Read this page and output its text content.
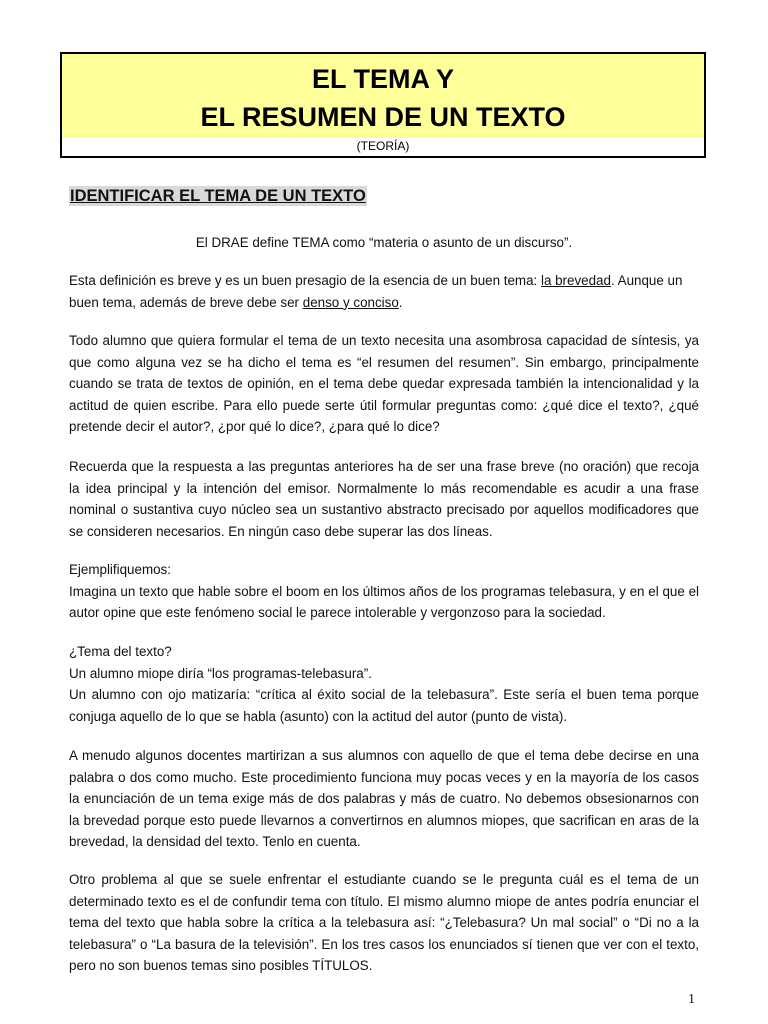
EL TEMA Y
EL RESUMEN DE UN TEXTO
(TEORÍA)
IDENTIFICAR EL TEMA DE UN TEXTO

El DRAE define TEMA como “materia o asunto de un discurso”.

Esta definición es breve y es un buen presagio de la esencia de un buen tema: la brevedad. Aunque un buen tema, además de breve debe ser denso y conciso.

Todo alumno que quiera formular el tema de un texto necesita una asombrosa capacidad de síntesis, ya que como alguna vez se ha dicho el tema es “el resumen del resumen”. Sin embargo, principalmente cuando se trata de textos de opinión, en el tema debe quedar expresada también la intencionalidad y la actitud de quien escribe. Para ello puede serte útil formular preguntas como: ¿qué dice el texto?, ¿qué pretende decir el autor?, ¿por qué lo dice?, ¿para qué lo dice?

Recuerda que la respuesta a las preguntas anteriores ha de ser una frase breve (no oración) que recoja la idea principal y la intención del emisor. Normalmente lo más recomendable es acudir a una frase nominal o sustantiva cuyo núcleo sea un sustantivo abstracto precisado por aquellos modificadores que se consideren necesarios. En ningún caso debe superar las dos líneas.

Ejemplifiquemos:
Imagina un texto que hable sobre el boom en los últimos años de los programas telebasura, y en el que el autor opine que este fenómeno social le parece intolerable y vergonzoso para la sociedad.

¿Tema del texto?
Un alumno miope diría “los programas-telebasura”.
Un alumno con ojo matizaría: “crítica al éxito social de la telebasura”. Este sería el buen tema porque conjuga aquello de lo que se habla (asunto) con la actitud del autor (punto de vista).

A menudo algunos docentes martirizan a sus alumnos con aquello de que el tema debe decirse en una palabra o dos como mucho. Este procedimiento funciona muy pocas veces y en la mayoría de los casos la enunciación de un tema exige más de dos palabras y más de cuatro. No debemos obsesionarnos con la brevedad porque esto puede llevarnos a convertirnos en alumnos miopes, que sacrifican en aras de la brevedad, la densidad del texto. Tenlo en cuenta.

Otro problema al que se suele enfrentar el estudiante cuando se le pregunta cuál es el tema de un determinado texto es el de confundir tema con título. El mismo alumno miope de antes podría enunciar el tema del texto que habla sobre la crítica a la telebasura así: “¿Telebasura? Un mal social” o “Di no a la telebasura” o “La basura de la televisión”. En los tres casos los enunciados sí tienen que ver con el texto, pero no son buenos temas sino posibles TÍTULOS.

1
